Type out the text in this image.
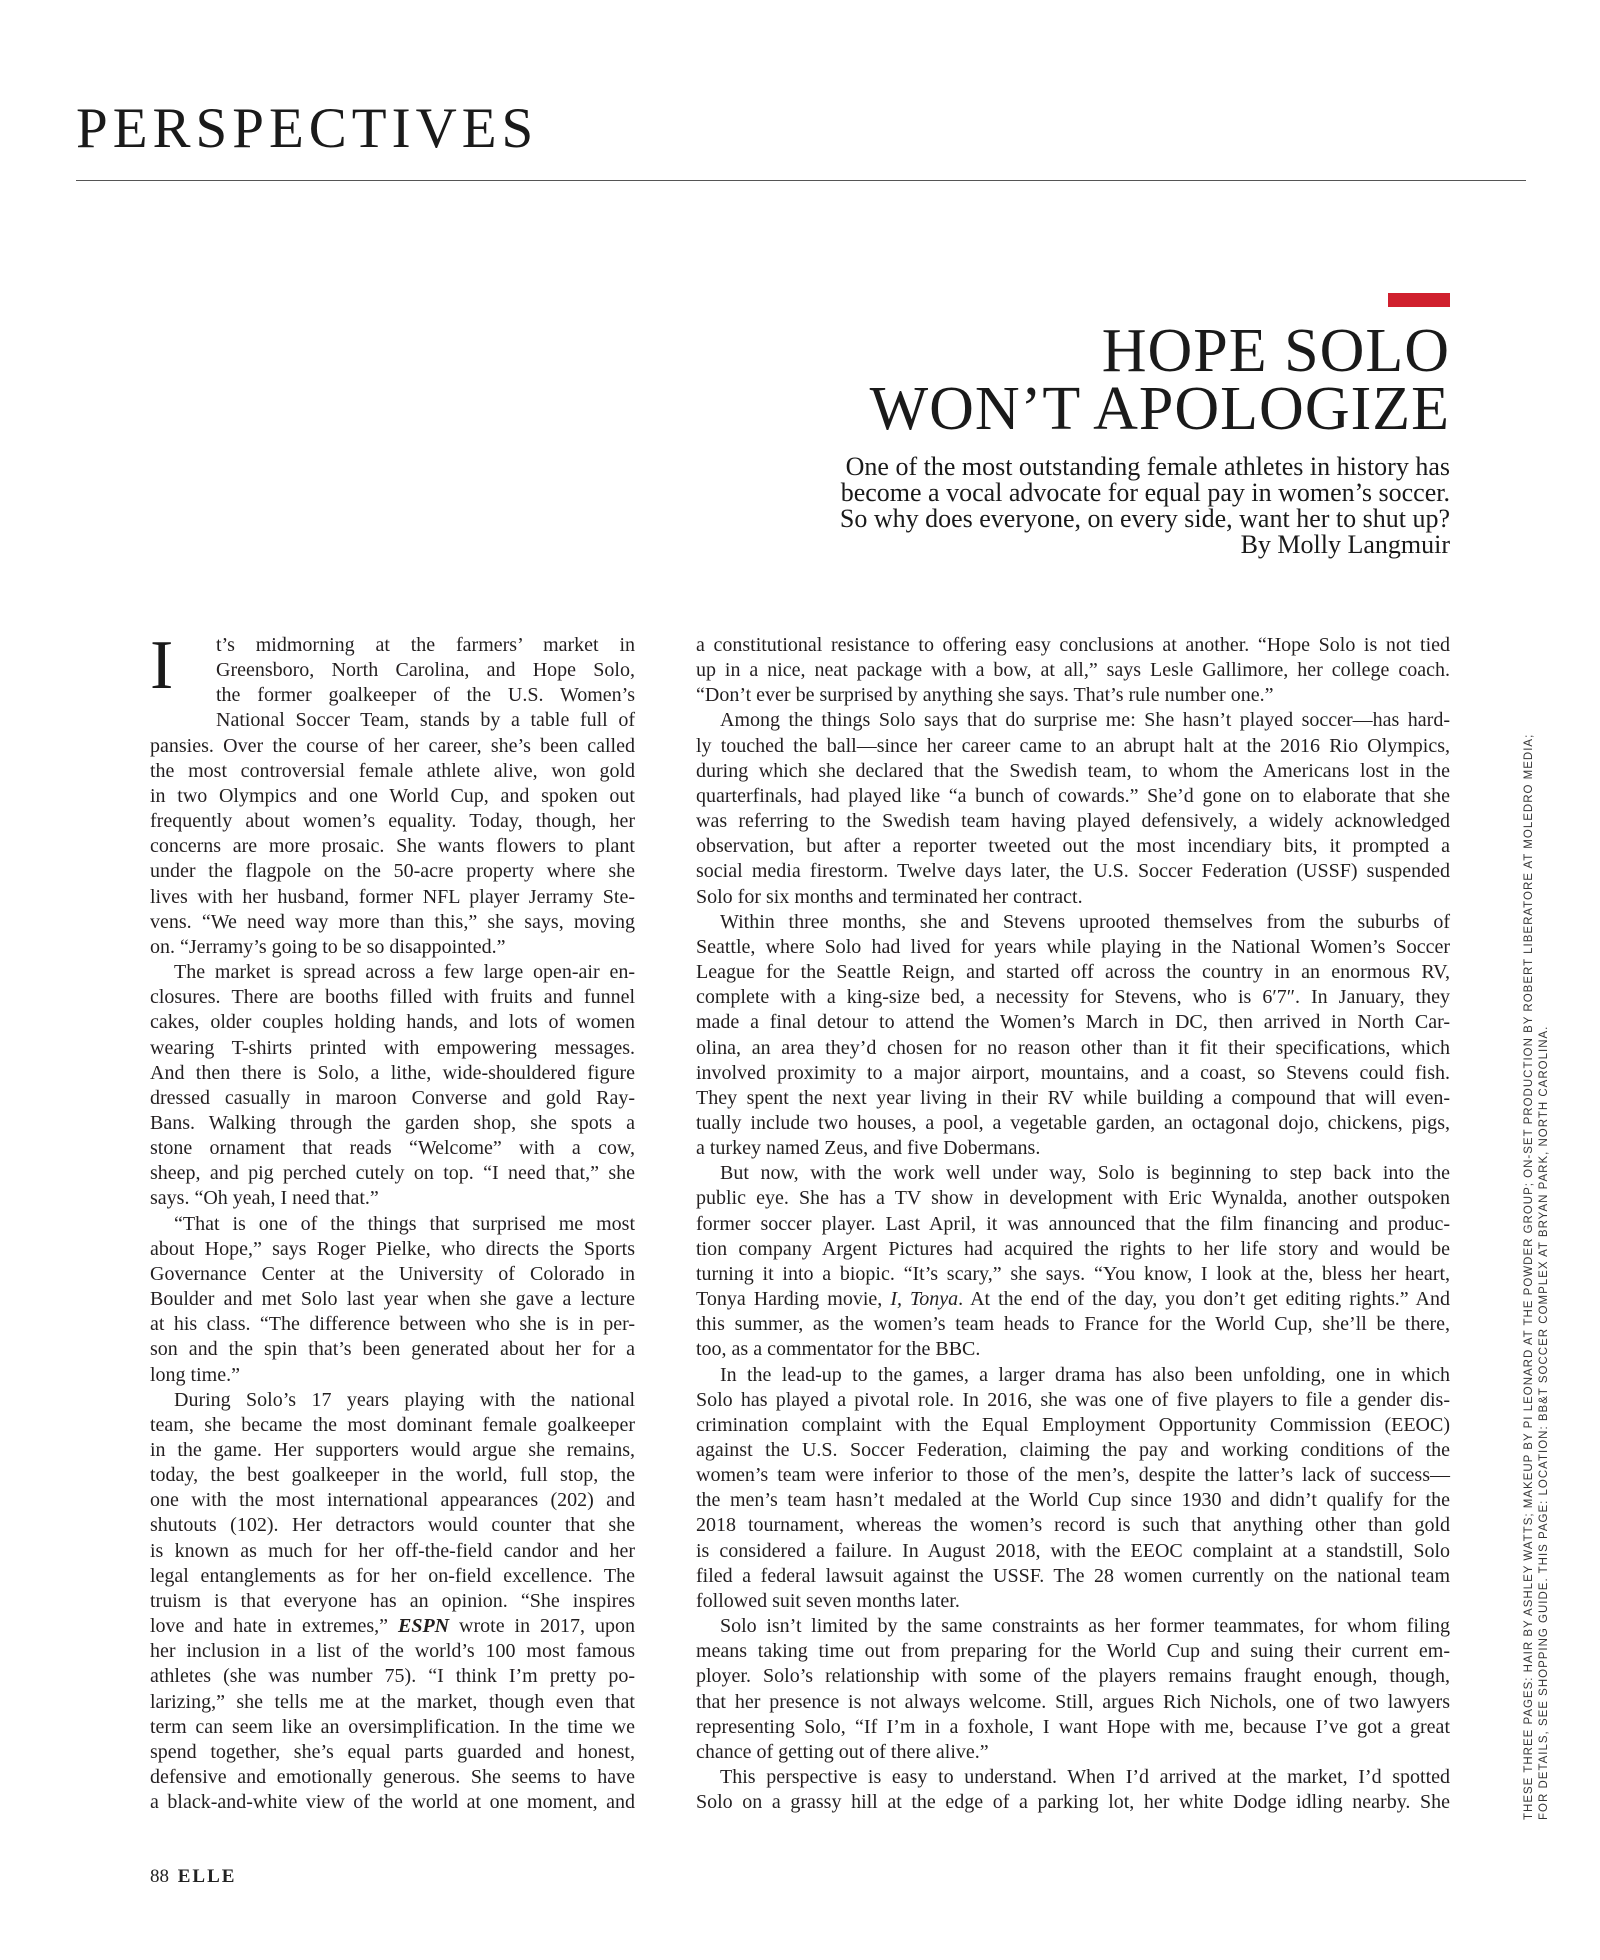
PERSPECTIVES
HOPE SOLO
WON’T APOLOGIZE
One of the most outstanding female athletes in history has become a vocal advocate for equal pay in women’s soccer. So why does everyone, on every side, want her to shut up? By Molly Langmuir
I t’s midmorning at the farmers’ market in
Greensboro, North Carolina, and Hope Solo,
the former goalkeeper of the U.S. Women’s
National Soccer Team, stands by a table full of
pansies. Over the course of her career, she’s been called
the most controversial female athlete alive, won gold
in two Olympics and one World Cup, and spoken out
frequently about women’s equality. Today, though, her
concerns are more prosaic. She wants flowers to plant
under the flagpole on the 50-acre property where she
lives with her husband, former NFL player Jerramy Ste-
vens. “We need way more than this,” she says, moving
on. “Jerramy’s going to be so disappointed.”
The market is spread across a few large open-air en-
closures. There are booths filled with fruits and funnel
cakes, older couples holding hands, and lots of women
wearing T-shirts printed with empowering messages.
And then there is Solo, a lithe, wide-shouldered figure
dressed casually in maroon Converse and gold Ray-
Bans. Walking through the garden shop, she spots a
stone ornament that reads “Welcome” with a cow,
sheep, and pig perched cutely on top. “I need that,” she
says. “Oh yeah, I need that.”
“That is one of the things that surprised me most
about Hope,” says Roger Pielke, who directs the Sports
Governance Center at the University of Colorado in
Boulder and met Solo last year when she gave a lecture
at his class. “The difference between who she is in per-
son and the spin that’s been generated about her for a
long time.”
During Solo’s 17 years playing with the national
team, she became the most dominant female goalkeeper
in the game. Her supporters would argue she remains,
today, the best goalkeeper in the world, full stop, the
one with the most international appearances (202) and
shutouts (102). Her detractors would counter that she
is known as much for her off-the-field candor and her
legal entanglements as for her on-field excellence. The
truism is that everyone has an opinion. “She inspires
love and hate in extremes,” ESPN wrote in 2017, upon
her inclusion in a list of the world’s 100 most famous
athletes (she was number 75). “I think I’m pretty po-
larizing,” she tells me at the market, though even that
term can seem like an oversimplification. In the time we
spend together, she’s equal parts guarded and honest,
defensive and emotionally generous. She seems to have
a black-and-white view of the world at one moment, and
a constitutional resistance to offering easy conclusions at another. “Hope Solo is not tied
up in a nice, neat package with a bow, at all,” says Lesle Gallimore, her college coach.
“Don’t ever be surprised by anything she says. That’s rule number one.”
Among the things Solo says that do surprise me: She hasn’t played soccer—has hard-
ly touched the ball—since her career came to an abrupt halt at the 2016 Rio Olympics,
during which she declared that the Swedish team, to whom the Americans lost in the
quarterfinals, had played like “a bunch of cowards.” She’d gone on to elaborate that she
was referring to the Swedish team having played defensively, a widely acknowledged
observation, but after a reporter tweeted out the most incendiary bits, it prompted a
social media firestorm. Twelve days later, the U.S. Soccer Federation (USSF) suspended
Solo for six months and terminated her contract.
Within three months, she and Stevens uprooted themselves from the suburbs of
Seattle, where Solo had lived for years while playing in the National Women’s Soccer
League for the Seattle Reign, and started off across the country in an enormous RV,
complete with a king-size bed, a necessity for Stevens, who is 6′7″. In January, they
made a final detour to attend the Women’s March in DC, then arrived in North Car-
olina, an area they’d chosen for no reason other than it fit their specifications, which
involved proximity to a major airport, mountains, and a coast, so Stevens could fish.
They spent the next year living in their RV while building a compound that will even-
tually include two houses, a pool, a vegetable garden, an octagonal dojo, chickens, pigs,
a turkey named Zeus, and five Dobermans.
But now, with the work well under way, Solo is beginning to step back into the
public eye. She has a TV show in development with Eric Wynalda, another outspoken
former soccer player. Last April, it was announced that the film financing and produc-
tion company Argent Pictures had acquired the rights to her life story and would be
turning it into a biopic. “It’s scary,” she says. “You know, I look at the, bless her heart,
Tonya Harding movie, I, Tonya. At the end of the day, you don’t get editing rights.” And
this summer, as the women’s team heads to France for the World Cup, she’ll be there,
too, as a commentator for the BBC.
In the lead-up to the games, a larger drama has also been unfolding, one in which
Solo has played a pivotal role. In 2016, she was one of five players to file a gender dis-
crimination complaint with the Equal Employment Opportunity Commission (EEOC)
against the U.S. Soccer Federation, claiming the pay and working conditions of the
women’s team were inferior to those of the men’s, despite the latter’s lack of success—
the men’s team hasn’t medaled at the World Cup since 1930 and didn’t qualify for the
2018 tournament, whereas the women’s record is such that anything other than gold
is considered a failure. In August 2018, with the EEOC complaint at a standstill, Solo
filed a federal lawsuit against the USSF. The 28 women currently on the national team
followed suit seven months later.
Solo isn’t limited by the same constraints as her former teammates, for whom filing
means taking time out from preparing for the World Cup and suing their current em-
ployer. Solo’s relationship with some of the players remains fraught enough, though,
that her presence is not always welcome. Still, argues Rich Nichols, one of two lawyers
representing Solo, “If I’m in a foxhole, I want Hope with me, because I’ve got a great
chance of getting out of there alive.”
This perspective is easy to understand. When I’d arrived at the market, I’d spotted
Solo on a grassy hill at the edge of a parking lot, her white Dodge idling nearby. She	THESE THREE PAGES: HAIR BY ASHLEY WATTS; MAKEUP BY PI LEONARD AT THE POWDER GROUP; ON-SET PRODUCTION BY ROBERT LIBERATORE AT MOLEDRO MEDIA; FOR DETAILS, SEE SHOPPING GUIDE. THIS PAGE: LOCATION: BB&T SOCCER COMPLEX AT BRYAN PARK, NORTH CAROLINA.
88 ELLE
